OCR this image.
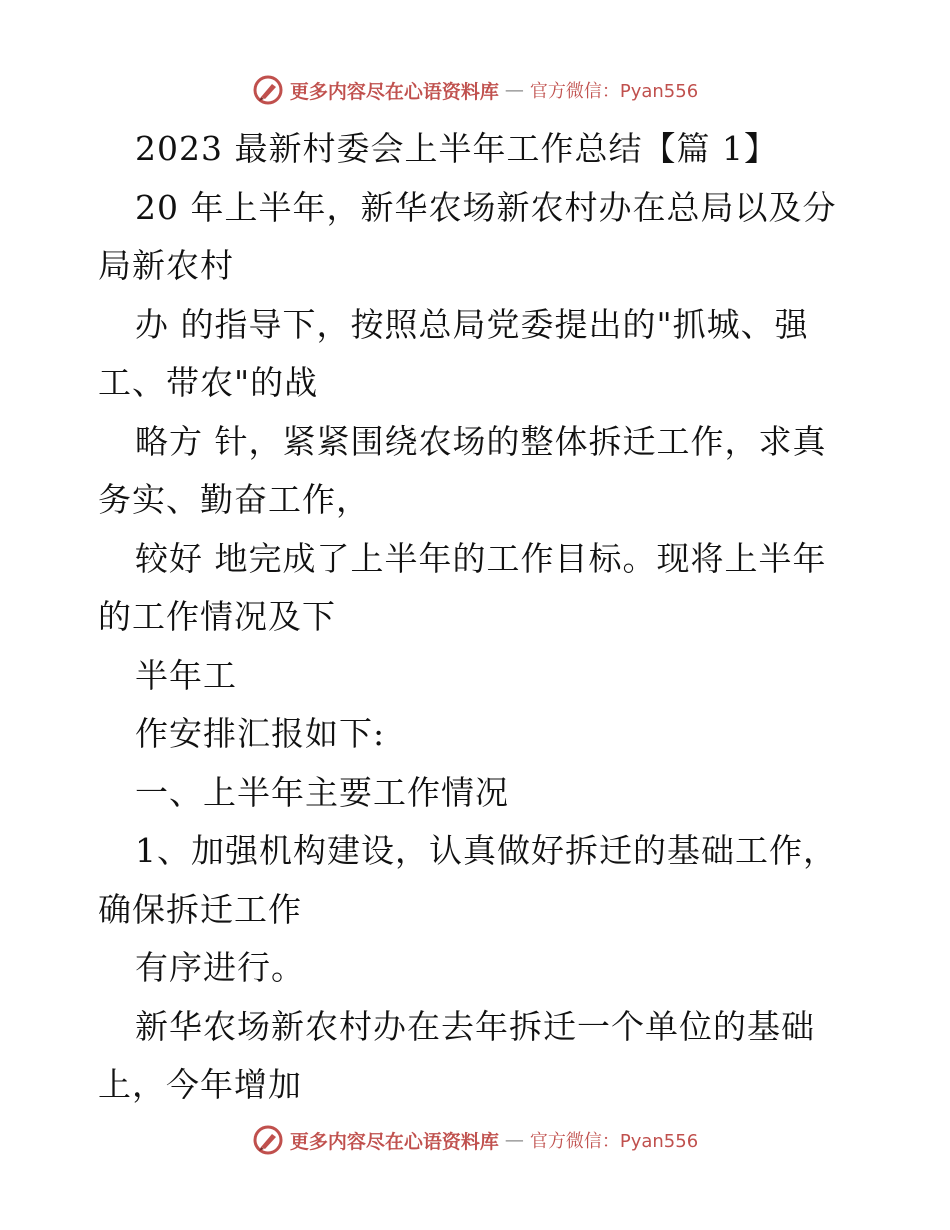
更多内容尽在心语资料库 — 官方微信：Pyan556
2023 最新村委会上半年工作总结【篇 1】
20 年上半年，新华农场新农村办在总局以及分
局新农村
办 的指导下，按照总局党委提出的"抓城、强
工、带农"的战
略方 针，紧紧围绕农场的整体拆迁工作，求真
务实、勤奋工作，
较好 地完成了上半年的工作目标。现将上半年
的工作情况及下
半年工
作安排汇报如下:
一、上半年主要工作情况
1、加强机构建设，认真做好拆迁的基础工作，
确保拆迁工作
有序进行。
新华农场新农村办在去年拆迁一个单位的基础
上，今年增加
更多内容尽在心语资料库 — 官方微信：Pyan556
